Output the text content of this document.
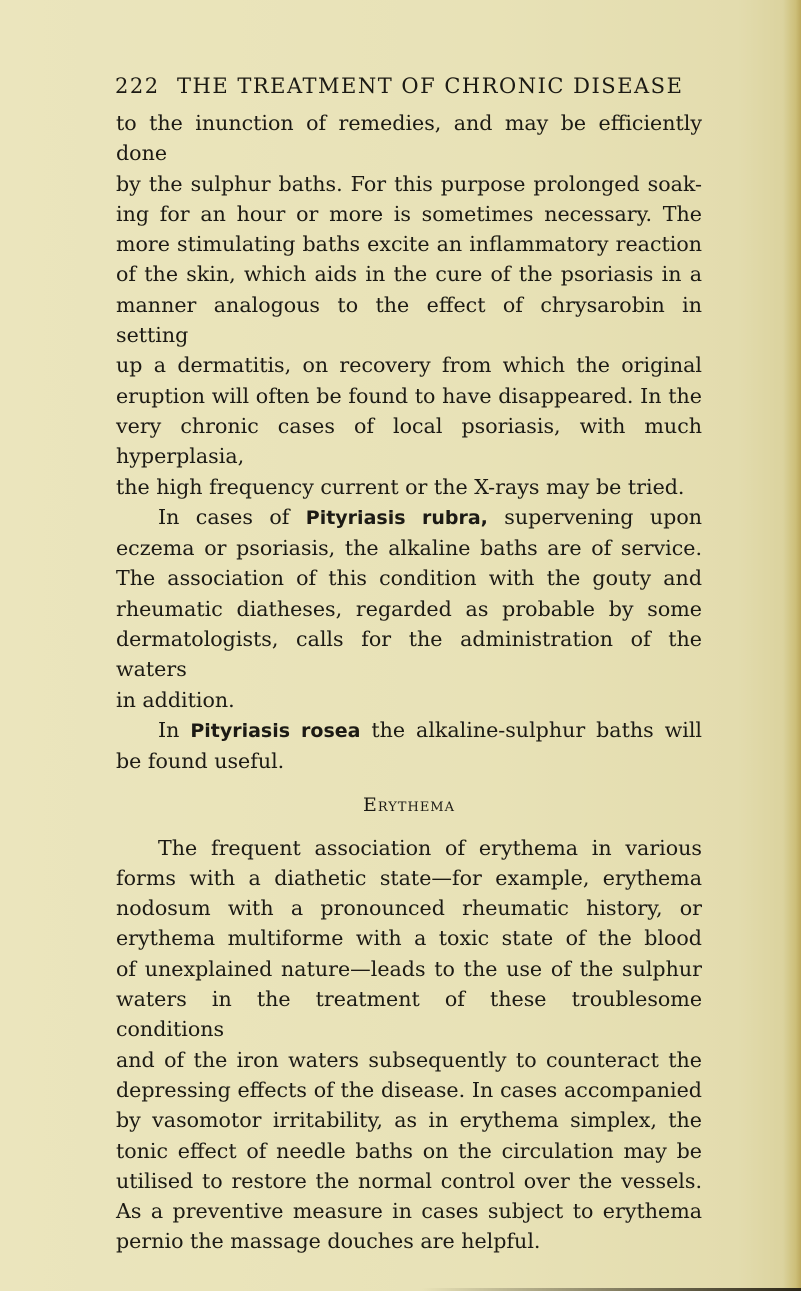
222 THE TREATMENT OF CHRONIC DISEASE

to the inunction of remedies, and may be efficiently done

by the sulphur baths. For this purpose prolonged soak-

ing for an hour or more is sometimes necessary. The

more stimulating baths excite an inflammatory reaction

of the skin, which aids in the cure of the psoriasis in a

manner analogous to the effect of chrysarobin in setting

up a dermatitis, on recovery from which the original

eruption will often be found to have disappeared. In the

very chronic cases of local psoriasis, with much hyperplasia,

the high frequency current or the X-rays may be tried.

In cases of Pityriasis rubra, supervening upon

eczema or psoriasis, the alkaline baths are of service.

The association of this condition with the gouty and

rheumatic diatheses, regarded as probable by some

dermatologists, calls for the administration of the waters

in addition.

In Pityriasis rosea the alkaline-sulphur baths will

be found useful.

Erythema

The frequent association of erythema in various

forms with a diathetic state—for example, erythema

nodosum with a pronounced rheumatic history, or

erythema multiforme with a toxic state of the blood

of unexplained nature—leads to the use of the sulphur

waters in the treatment of these troublesome conditions

and of the iron waters subsequently to counteract the

depressing effects of the disease. In cases accompanied

by vasomotor irritability, as in erythema simplex, the

tonic effect of needle baths on the circulation may be

utilised to restore the normal control over the vessels.

As a preventive measure in cases subject to erythema

pernio the massage douches are helpful.
